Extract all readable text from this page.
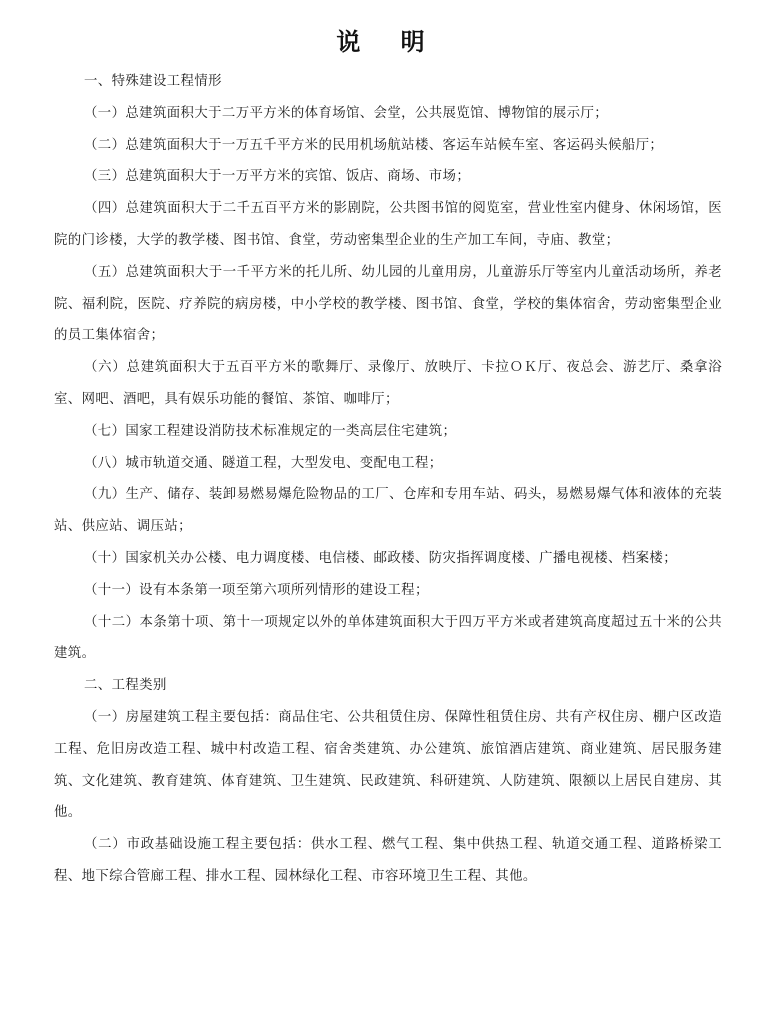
说 明

一、特殊建设工程情形

（一）总建筑面积大于二万平方米的体育场馆、会堂，公共展览馆、博物馆的展示厅；

（二）总建筑面积大于一万五千平方米的民用机场航站楼、客运车站候车室、客运码头候船厅；

（三）总建筑面积大于一万平方米的宾馆、饭店、商场、市场；

（四）总建筑面积大于二千五百平方米的影剧院，公共图书馆的阅览室，营业性室内健身、休闲场馆，医院的门诊楼，大学的教学楼、图书馆、食堂，劳动密集型企业的生产加工车间，寺庙、教堂；

（五）总建筑面积大于一千平方米的托儿所、幼儿园的儿童用房，儿童游乐厅等室内儿童活动场所，养老院、福利院，医院、疗养院的病房楼，中小学校的教学楼、图书馆、食堂，学校的集体宿舍，劳动密集型企业的员工集体宿舍；

（六）总建筑面积大于五百平方米的歌舞厅、录像厅、放映厅、卡拉ＯＫ厅、夜总会、游艺厅、桑拿浴室、网吧、酒吧，具有娱乐功能的餐馆、茶馆、咖啡厅；

（七）国家工程建设消防技术标准规定的一类高层住宅建筑；

（八）城市轨道交通、隧道工程，大型发电、变配电工程；

（九）生产、储存、装卸易燃易爆危险物品的工厂、仓库和专用车站、码头，易燃易爆气体和液体的充装站、供应站、调压站；

（十）国家机关办公楼、电力调度楼、电信楼、邮政楼、防灾指挥调度楼、广播电视楼、档案楼；

（十一）设有本条第一项至第六项所列情形的建设工程；

（十二）本条第十项、第十一项规定以外的单体建筑面积大于四万平方米或者建筑高度超过五十米的公共建筑。

二、工程类别

（一）房屋建筑工程主要包括：商品住宅、公共租赁住房、保障性租赁住房、共有产权住房、棚户区改造工程、危旧房改造工程、城中村改造工程、宿舍类建筑、办公建筑、旅馆酒店建筑、商业建筑、居民服务建筑、文化建筑、教育建筑、体育建筑、卫生建筑、民政建筑、科研建筑、人防建筑、限额以上居民自建房、其他。

（二）市政基础设施工程主要包括：供水工程、燃气工程、集中供热工程、轨道交通工程、道路桥梁工程、地下综合管廊工程、排水工程、园林绿化工程、市容环境卫生工程、其他。
